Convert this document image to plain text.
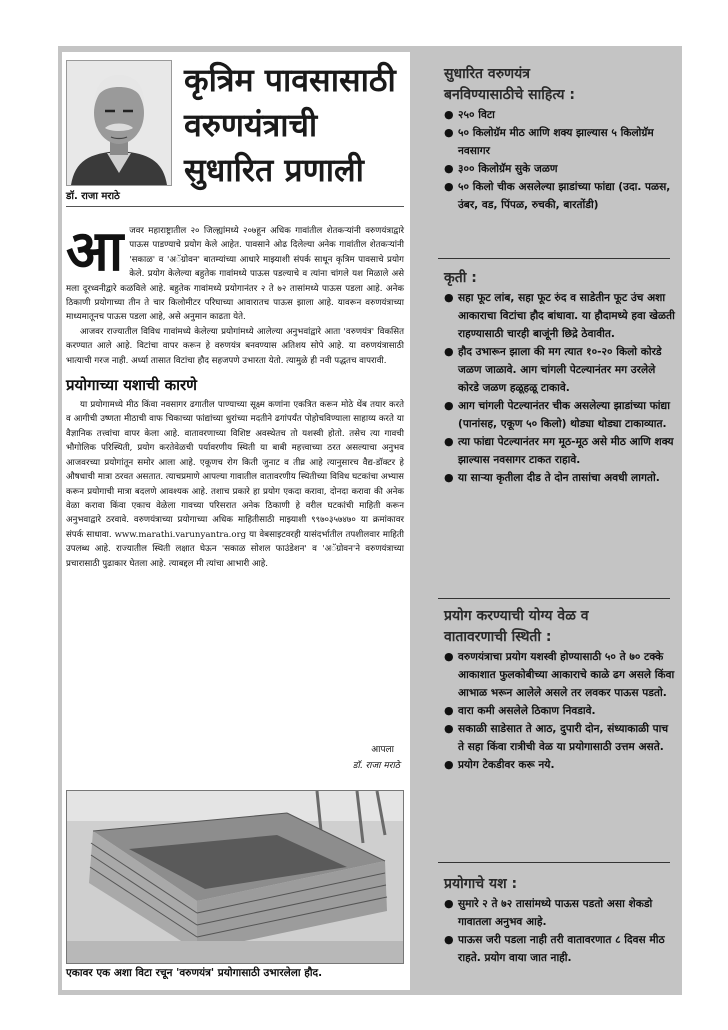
डॉ. राजा मराठे
कृत्रिम पावसासाठी
वरुणयंत्राची
सुधारित प्रणाली

आजवर महाराष्ट्रातील २० जिल्ह्यांमध्ये २०७हून अधिक गावांतील शेतकऱ्यांनी वरुणयंत्राद्वारे पाऊस पाडण्याचे प्रयोग केले आहेत. पावसाने ओढ दिलेल्या अनेक गावांतील शेतकऱ्यांनी 'सकाळ' व 'अॅग्रोवन' बातम्यांच्या आधारे माझ्याशी संपर्क साधून कृत्रिम पावसाचे प्रयोग केले. प्रयोग केलेल्या बहुतेक गावांमध्ये पाऊस पडल्याचे व त्यांना चांगले यश मिळाले असे मला दूरध्वनीद्वारे कळविले आहे. बहुतेक गावांमध्ये प्रयोगानंतर २ ते ७२ तासांमध्ये पाऊस पडला आहे. अनेक ठिकाणी प्रयोगाच्या तीन ते चार किलोमीटर परिघाच्या आवारातच पाऊस झाला आहे. यावरून वरुणयंत्राच्या माध्यमातूनच पाऊस पडला आहे, असे अनुमान काढता येते.

आजवर राज्यातील विविध गावांमध्ये केलेल्या प्रयोगांमध्ये आलेल्या अनुभवांद्वारे आता 'वरुणयंत्र' विकसित करण्यात आले आहे. विटांचा वापर करून हे वरुणयंत्र बनवण्यास अतिशय सोपे आहे. या वरुणयंत्रासाठी भात्याची गरज नाही. अर्ध्या तासात विटांचा हौद सहजपणे उभारता येतो. त्यामुळे ही नवी पद्धतच वापरावी.

प्रयोगाच्या यशाची कारणे

या प्रयोगामध्ये मीठ किंवा नवसागर ढगातील पाण्याच्या सूक्ष्म कणांना एकत्रित करून मोठे थेंब तयार करते व आगीची उष्णता मीठाची वाफ चिकाच्या फांद्यांच्या धुरांच्या मदतीने ढगांपर्यंत पोहोचविण्याला साहाय्य करते या वैज्ञानिक तत्त्वांचा वापर केला आहे. वातावरणाच्या विशिष्ट अवस्थेतच तो यशस्वी होतो. तसेच त्या गावची भौगोलिक परिस्थिती, प्रयोग करतेवेळची पर्यावरणीय स्थिती या बाबी महत्त्वाच्या ठरत असल्याचा अनुभव आजवरच्या प्रयोगांतून समोर आला आहे. एकूणच रोग किती जुनाट व तीव्र आहे त्यानुसारच वैद्य-डॉक्टर हे औषधाची मात्रा ठरवत असतात. त्याचप्रमाणे आपल्या गावातील वातावरणीय स्थितीच्या विविध घटकांचा अभ्यास करून प्रयोगाची मात्रा बदलणे आवश्यक आहे. तशाच प्रकारे हा प्रयोग एकदा करावा, दोनदा करावा की अनेक वेळा करावा किंवा एकाच वेळेला गावच्या परिसरात अनेक ठिकाणी हे वरील घटकांची माहिती करून अनुभवाद्वारे ठरवावे. वरुणयंत्राच्या प्रयोगाच्या अधिक माहितीसाठी माझ्याशी ९९७०३५७४७० या क्रमांकावर संपर्क साधावा. www.marathi.varunyantra.org या वेबसाइटवरही यासंदर्भातील तपशीलवार माहिती उपलब्ध आहे. राज्यातील स्थिती लक्षात घेऊन 'सकाळ सोशल फाउंडेशन' व 'अॅग्रोवन'ने वरुणयंत्राच्या प्रचारासाठी पुढाकार घेतला आहे. त्याबद्दल मी त्यांचा आभारी आहे.

आपला
डॉ. राजा मराठे
एकावर एक अशा विटा रचून 'वरुणयंत्र' प्रयोगासाठी उभारलेला हौद.
सुधारित वरुणयंत्र
बनविण्यासाठीचे साहित्य :
● २५० विटा
● ५० किलोग्रॅम मीठ आणि शक्य झाल्यास ५ किलोग्रॅम नवसागर
● ३०० किलोग्रॅम सुके जळण
● ५० किलो चीक असलेल्या झाडांच्या फांद्या (उदा. पळस, उंबर, वड, पिंपळ, रुचकी, बारतोंडी)
कृती :
● सहा फूट लांब, सहा फूट रुंद व साडेतीन फूट उंच अशा आकाराचा विटांचा हौद बांधावा. या हौदामध्ये हवा खेळती राहण्यासाठी चारही बाजूंनी छिद्रे ठेवावीत.
● हौद उभारून झाला की मग त्यात १०-२० किलो कोरडे जळण जाळावे. आग चांगली पेटल्यानंतर मग उरलेले कोरडे जळण हळूहळू टाकावे.
● आग चांगली पेटल्यानंतर चीक असलेल्या झाडांच्या फांद्या (पानांसह, एकूण ५० किलो) थोड्या थोड्या टाकाव्यात.
● त्या फांद्या पेटल्यानंतर मग मूठ-मूठ असे मीठ आणि शक्य झाल्यास नवसागर टाकत राहावे.
● या साऱ्या कृतीला दीड ते दोन तासांचा अवधी लागतो.
प्रयोग करण्याची योग्य वेळ व
वातावरणाची स्थिती :
● वरुणयंत्राचा प्रयोग यशस्वी होण्यासाठी ५० ते ७० टक्के आकाशात फुलकोबीच्या आकाराचे काळे ढग असले किंवा आभाळ भरून आलेले असले तर लवकर पाऊस पडतो.
● वारा कमी असलेले ठिकाण निवडावे.
● सकाळी साडेसात ते आठ, दुपारी दोन, संध्याकाळी पाच ते सहा किंवा रात्रीची वेळ या प्रयोगासाठी उत्तम असते.
● प्रयोग टेकडीवर करू नये.
प्रयोगाचे यश :
● सुमारे २ ते ७२ तासांमध्ये पाऊस पडतो असा शेकडो गावातला अनुभव आहे.
● पाऊस जरी पडला नाही तरी वातावरणात ८ दिवस मीठ राहते. प्रयोग वाया जात नाही.
